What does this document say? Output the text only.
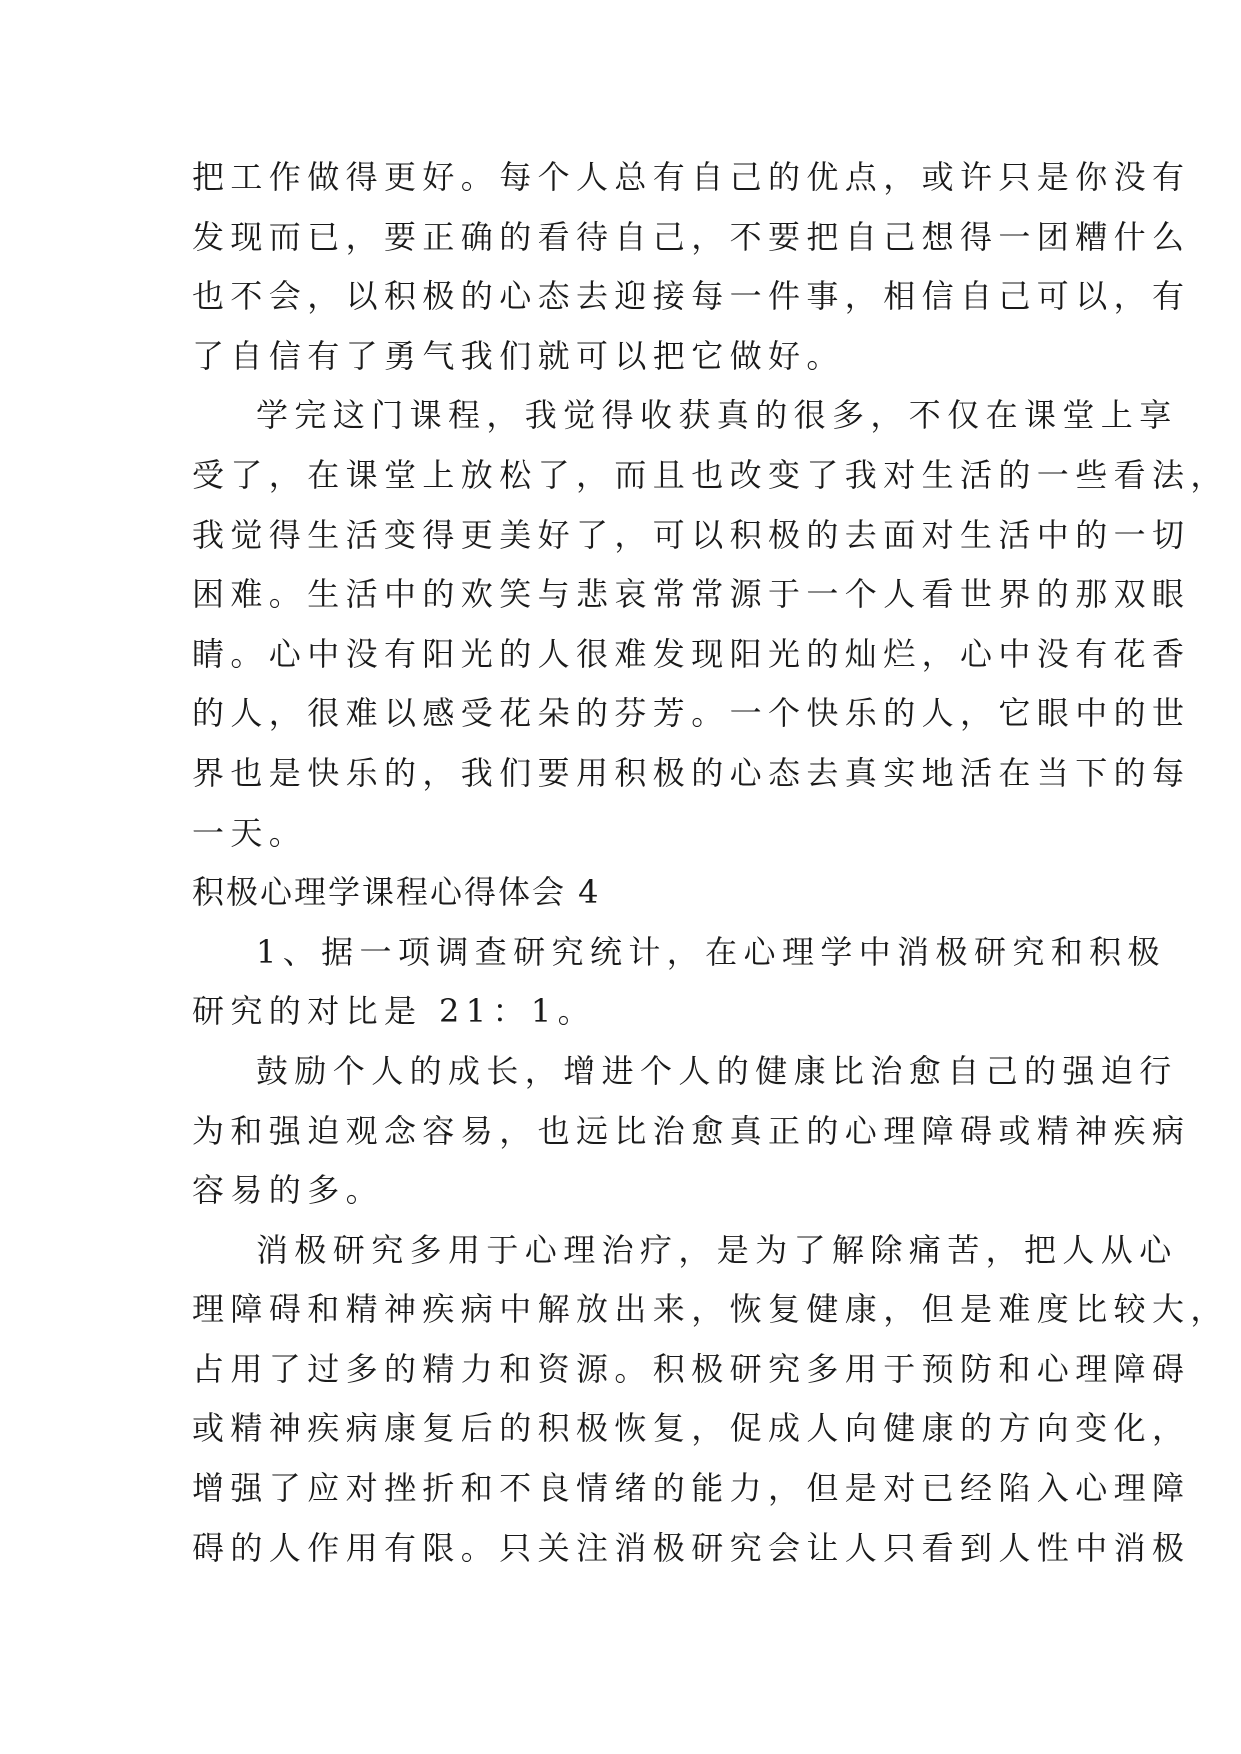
把工作做得更好。每个人总有自己的优点，或许只是你没有
发现而已，要正确的看待自己，不要把自己想得一团糟什么
也不会，以积极的心态去迎接每一件事，相信自己可以，有
了自信有了勇气我们就可以把它做好。
学完这门课程，我觉得收获真的很多，不仅在课堂上享
受了，在课堂上放松了，而且也改变了我对生活的一些看法，
我觉得生活变得更美好了，可以积极的去面对生活中的一切
困难。生活中的欢笑与悲哀常常源于一个人看世界的那双眼
睛。心中没有阳光的人很难发现阳光的灿烂，心中没有花香
的人，很难以感受花朵的芬芳。一个快乐的人，它眼中的世
界也是快乐的，我们要用积极的心态去真实地活在当下的每
一天。
积极心理学课程心得体会 4
1、据一项调查研究统计，在心理学中消极研究和积极
研究的对比是 21：1。
鼓励个人的成长，增进个人的健康比治愈自己的强迫行
为和强迫观念容易，也远比治愈真正的心理障碍或精神疾病
容易的多。
消极研究多用于心理治疗，是为了解除痛苦，把人从心
理障碍和精神疾病中解放出来，恢复健康，但是难度比较大，
占用了过多的精力和资源。积极研究多用于预防和心理障碍
或精神疾病康复后的积极恢复，促成人向健康的方向变化，
增强了应对挫折和不良情绪的能力，但是对已经陷入心理障
碍的人作用有限。只关注消极研究会让人只看到人性中消极
